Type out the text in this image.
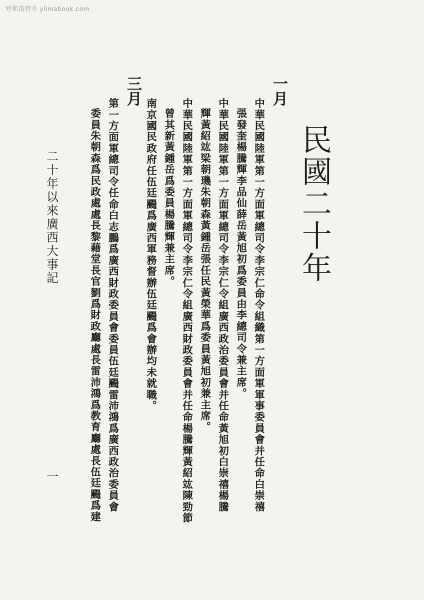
呼和浩特市 ylimabook.com
民國二十年
一月
中華民國陸軍第一方面軍總司令李宗仁命令組織第一方面軍軍事委員會并任命白崇禧
張發奎楊騰輝李品仙薛岳黃旭初爲委員由李總司令兼主席。
中華民國陸軍第一方面軍總司令李宗仁令組廣西政治委員會并任命黃旭初白崇禧楊騰
輝黃紹竑梁朝璣朱朝森黃鍾岳張任民黃榮華爲委員黃旭初兼主席。
中華民國陸軍第一方面軍總司令李宗仁令組廣西財政委員會并任命楊騰輝黃紹竑陳勁節
曾其新黃鍾岳爲委員楊騰輝兼主席。
三月
南京國民政府任伍廷颺爲廣西軍務督辦伍廷颺爲會辦均未就職。
第一方面軍總司令任命白志鵬爲廣西財政委員會委員伍廷颺雷沛鴻爲廣西政治委員會
委員朱朝森爲民政處處長黎藉堂長官劉爲財政廳處長雷沛鴻爲教育廳處長伍廷颺爲建
二十年以來廣西大事記
一
